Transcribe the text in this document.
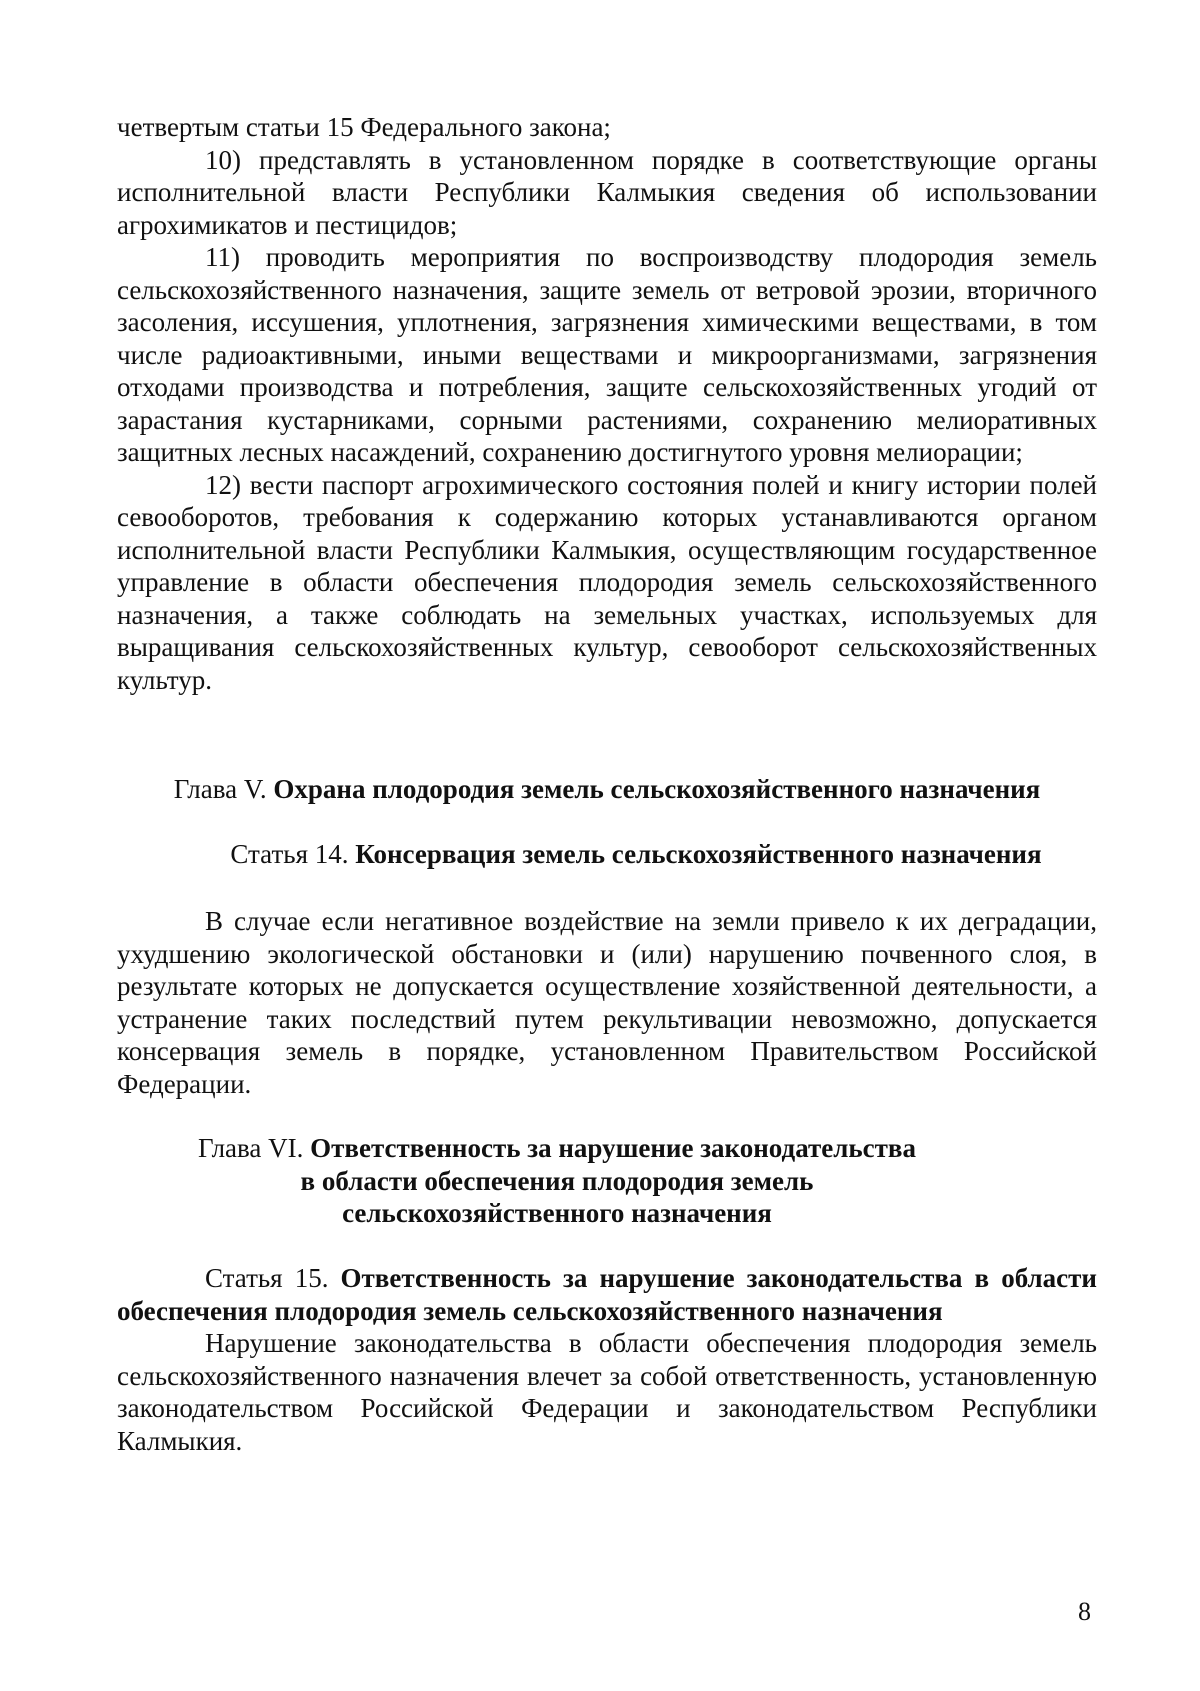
четвертым статьи 15 Федерального закона;

10) представлять в установленном порядке в соответствующие органы исполнительной власти Республики Калмыкия сведения об использовании агрохимикатов и пестицидов;

11) проводить мероприятия по воспроизводству плодородия земель сельскохозяйственного назначения, защите земель от ветровой эрозии, вторичного засоления, иссушения, уплотнения, загрязнения химическими веществами, в том числе радиоактивными, иными веществами и микроорганизмами, загрязнения отходами производства и потребления, защите сельскохозяйственных угодий от зарастания кустарниками, сорными растениями, сохранению мелиоративных защитных лесных насаждений, сохранению достигнутого уровня мелиорации;

12) вести паспорт агрохимического состояния полей и книгу истории полей севооборотов, требования к содержанию которых устанавливаются органом исполнительной власти Республики Калмыкия, осуществляющим государственное управление в области обеспечения плодородия земель сельскохозяйственного назначения, а также соблюдать на земельных участках, используемых для выращивания сельскохозяйственных культур, севооборот сельскохозяйственных культур.

Глава V. Охрана плодородия земель сельскохозяйственного назначения
Статья 14. Консервация земель сельскохозяйственного назначения

В случае если негативное воздействие на земли привело к их деградации, ухудшению экологической обстановки и (или) нарушению почвенного слоя, в результате которых не допускается осуществление хозяйственной деятельности, а устранение таких последствий путем рекультивации невозможно, допускается консервация земель в порядке, установленном Правительством Российской Федерации.

Глава VI. Ответственность за нарушение законодательства
в области обеспечения плодородия земель
сельскохозяйственного назначения

Статья 15. Ответственность за нарушение законодательства в области обеспечения плодородия земель сельскохозяйственного назначения

Нарушение законодательства в области обеспечения плодородия земель сельскохозяйственного назначения влечет за собой ответственность, установленную законодательством Российской Федерации и законодательством Республики Калмыкия.

8
